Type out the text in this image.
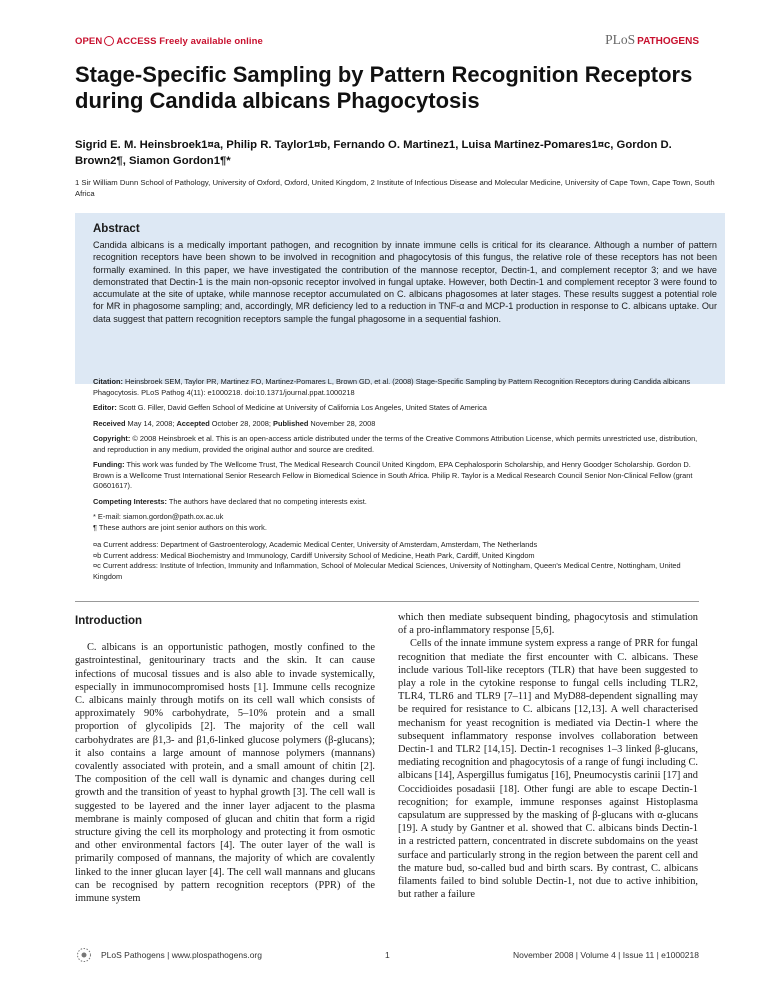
OPEN ACCESS Freely available online	PLoS PATHOGENS
Stage-Specific Sampling by Pattern Recognition Receptors during Candida albicans Phagocytosis
Sigrid E. M. Heinsbroek1¤a, Philip R. Taylor1¤b, Fernando O. Martinez1, Luisa Martinez-Pomares1¤c, Gordon D. Brown2¶, Siamon Gordon1¶*
1 Sir William Dunn School of Pathology, University of Oxford, Oxford, United Kingdom, 2 Institute of Infectious Disease and Molecular Medicine, University of Cape Town, Cape Town, South Africa
Abstract

Candida albicans is a medically important pathogen, and recognition by innate immune cells is critical for its clearance. Although a number of pattern recognition receptors have been shown to be involved in recognition and phagocytosis of this fungus, the relative role of these receptors has not been formally examined. In this paper, we have investigated the contribution of the mannose receptor, Dectin-1, and complement receptor 3; and we have demonstrated that Dectin-1 is the main non-opsonic receptor involved in fungal uptake. However, both Dectin-1 and complement receptor 3 were found to accumulate at the site of uptake, while mannose receptor accumulated on C. albicans phagosomes at later stages. These results suggest a potential role for MR in phagosome sampling; and, accordingly, MR deficiency led to a reduction in TNF-α and MCP-1 production in response to C. albicans uptake. Our data suggest that pattern recognition receptors sample the fungal phagosome in a sequential fashion.

Citation: Heinsbroek SEM, Taylor PR, Martinez FO, Martinez-Pomares L, Brown GD, et al. (2008) Stage-Specific Sampling by Pattern Recognition Receptors during Candida albicans Phagocytosis. PLoS Pathog 4(11): e1000218. doi:10.1371/journal.ppat.1000218

Editor: Scott G. Filler, David Geffen School of Medicine at University of California Los Angeles, United States of America

Received May 14, 2008; Accepted October 28, 2008; Published November 28, 2008

Copyright: © 2008 Heinsbroek et al. This is an open-access article distributed under the terms of the Creative Commons Attribution License, which permits unrestricted use, distribution, and reproduction in any medium, provided the original author and source are credited.

Funding: This work was funded by The Wellcome Trust, The Medical Research Council United Kingdom, EPA Cephalosporin Scholarship, and Henry Goodger Scholarship. Gordon D. Brown is a Wellcome Trust International Senior Research Fellow in Biomedical Science in South Africa. Philip R. Taylor is a Medical Research Council Senior Non-Clinical Fellow (grant G0601617).

Competing Interests: The authors have declared that no competing interests exist.

* E-mail: siamon.gordon@path.ox.ac.uk

¶ These authors are joint senior authors on this work.

¤a Current address: Department of Gastroenterology, Academic Medical Center, University of Amsterdam, Amsterdam, The Netherlands

¤b Current address: Medical Biochemistry and Immunology, Cardiff University School of Medicine, Heath Park, Cardiff, United Kingdom

¤c Current address: Institute of Infection, Immunity and Inflammation, School of Molecular Medical Sciences, University of Nottingham, Queen's Medical Centre, Nottingham, United Kingdom

Introduction

C. albicans is an opportunistic pathogen, mostly confined to the gastrointestinal, genitourinary tracts and the skin. It can cause infections of mucosal tissues and is also able to invade systemically, especially in immunocompromised hosts [1]. Immune cells recognize C. albicans mainly through motifs on its cell wall which consists of approximately 90% carbohydrate, 5–10% protein and a small proportion of glycolipids [2]. The majority of the cell wall carbohydrates are β1,3- and β1,6-linked glucose polymers (β-glucans); it also contains a large amount of mannose polymers (mannans) covalently associated with protein, and a small amount of chitin [2]. The composition of the cell wall is dynamic and changes during cell growth and the transition of yeast to hyphal growth [3]. The cell wall is suggested to be layered and the inner layer adjacent to the plasma membrane is mainly composed of glucan and chitin that form a rigid structure giving the cell its morphology and protecting it from osmotic and other environmental factors [4]. The outer layer of the wall is primarily composed of mannans, the majority of which are covalently linked to the inner glucan layer [4]. The cell wall mannans and glucans can be recognised by pattern recognition receptors (PPR) of the immune system

which then mediate subsequent binding, phagocytosis and stimulation of a pro-inflammatory response [5,6].

Cells of the innate immune system express a range of PRR for fungal recognition that mediate the first encounter with C. albicans. These include various Toll-like receptors (TLR) that have been suggested to play a role in the cytokine response to fungal cells including TLR2, TLR4, TLR6 and TLR9 [7–11] and MyD88-dependent signalling may be required for resistance to C. albicans [12,13]. A well characterised mechanism for yeast recognition is mediated via Dectin-1 where the subsequent inflammatory response involves collaboration between Dectin-1 and TLR2 [14,15]. Dectin-1 recognises 1–3 linked β-glucans, mediating recognition and phagocytosis of a range of fungi including C. albicans [14], Aspergillus fumigatus [16], Pneumocystis carinii [17] and Coccidioides posadasii [18]. Other fungi are able to escape Dectin-1 recognition; for example, immune responses against Histoplasma capsulatum are suppressed by the masking of β-glucans with α-glucans [19]. A study by Gantner et al. showed that C. albicans binds Dectin-1 in a restricted pattern, concentrated in discrete subdomains on the yeast surface and particularly strong in the region between the parent cell and the mature bud, so-called bud and birth scars. By contrast, C. albicans filaments failed to bind soluble Dectin-1, not due to active inhibition, but rather a failure

PLoS Pathogens | www.plospathogens.org	1	November 2008 | Volume 4 | Issue 11 | e1000218
